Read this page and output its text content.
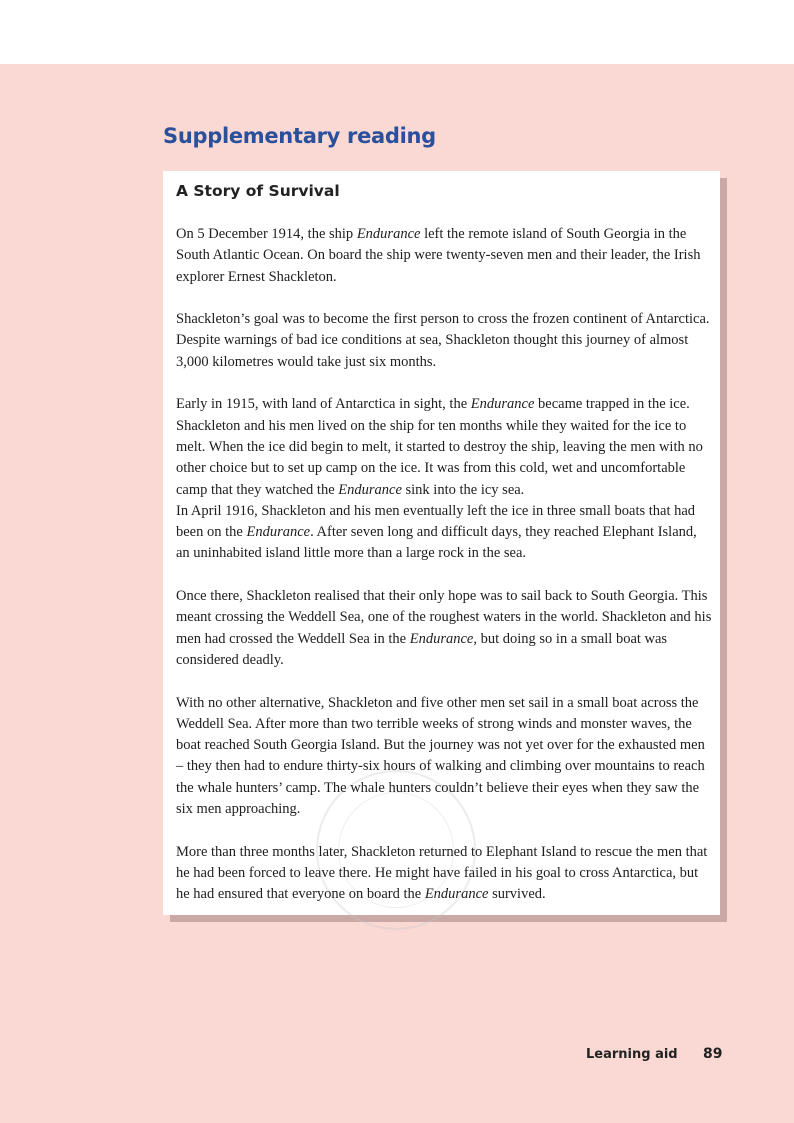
Supplementary reading
A Story of Survival

On 5 December 1914, the ship Endurance left the remote island of South Georgia in the South Atlantic Ocean. On board the ship were twenty-seven men and their leader, the Irish explorer Ernest Shackleton.

Shackleton’s goal was to become the first person to cross the frozen continent of Antarctica. Despite warnings of bad ice conditions at sea, Shackleton thought this journey of almost 3,000 kilometres would take just six months.

Early in 1915, with land of Antarctica in sight, the Endurance became trapped in the ice. Shackleton and his men lived on the ship for ten months while they waited for the ice to melt. When the ice did begin to melt, it started to destroy the ship, leaving the men with no other choice but to set up camp on the ice. It was from this cold, wet and uncomfortable camp that they watched the Endurance sink into the icy sea.

In April 1916, Shackleton and his men eventually left the ice in three small boats that had been on the Endurance. After seven long and difficult days, they reached Elephant Island, an uninhabited island little more than a large rock in the sea.

Once there, Shackleton realised that their only hope was to sail back to South Georgia. This meant crossing the Weddell Sea, one of the roughest waters in the world. Shackleton and his men had crossed the Weddell Sea in the Endurance, but doing so in a small boat was considered deadly.

With no other alternative, Shackleton and five other men set sail in a small boat across the Weddell Sea. After more than two terrible weeks of strong winds and monster waves, the boat reached South Georgia Island. But the journey was not yet over for the exhausted men – they then had to endure thirty-six hours of walking and climbing over mountains to reach the whale hunters’ camp. The whale hunters couldn’t believe their eyes when they saw the six men approaching.

More than three months later, Shackleton returned to Elephant Island to rescue the men that he had been forced to leave there. He might have failed in his goal to cross Antarctica, but he had ensured that everyone on board the Endurance survived.

Learning aid 89
